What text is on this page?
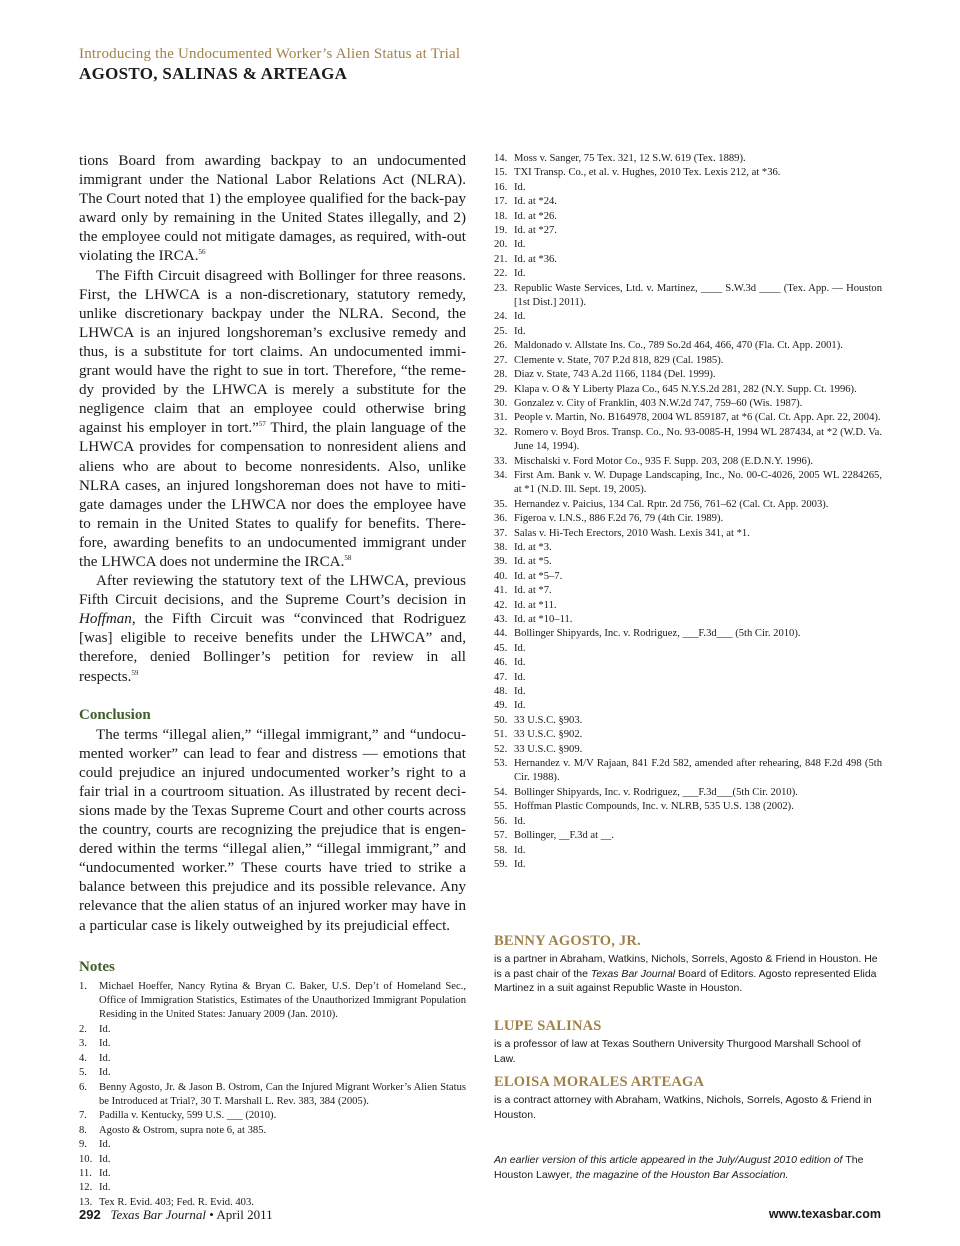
Introducing the Undocumented Worker’s Alien Status at Trial
AGOSTO, SALINAS & ARTEAGA

tions Board from awarding backpay to an undocumented immigrant under the National Labor Relations Act (NLRA). The Court noted that 1) the employee qualified for the back-pay award only by remaining in the United States illegally, and 2) the employee could not mitigate damages, as required, with-out violating the IRCA.$^{56}$

The Fifth Circuit disagreed with Bollinger for three reasons. First, the LHWCA is a non-discretionary, statutory remedy, unlike discretionary backpay under the NLRA. Second, the LHWCA is an injured longshoreman’s exclusive remedy and thus, is a substitute for tort claims. An undocumented immi-grant would have the right to sue in tort. Therefore, “the reme-dy provided by the LHWCA is merely a substitute for the negligence claim that an employee could otherwise bring against his employer in tort.”$^{57}$ Third, the plain language of the LHWCA provides for compensation to nonresident aliens and aliens who are about to become nonresidents. Also, unlike NLRA cases, an injured longshoreman does not have to miti-gate damages under the LHWCA nor does the employee have to remain in the United States to qualify for benefits. There-fore, awarding benefits to an undocumented immigrant under the LHWCA does not undermine the IRCA.$^{58}$

After reviewing the statutory text of the LHWCA, previous Fifth Circuit decisions, and the Supreme Court’s decision in Hoffman, the Fifth Circuit was “convinced that Rodriguez [was] eligible to receive benefits under the LHWCA” and, therefore, denied Bollinger’s petition for review in all respects.$^{59}$

Conclusion

The terms “illegal alien,” “illegal immigrant,” and “undocu-mented worker” can lead to fear and distress — emotions that could prejudice an injured undocumented worker’s right to a fair trial in a courtroom situation. As illustrated by recent deci-sions made by the Texas Supreme Court and other courts across the country, courts are recognizing the prejudice that is engen-dered within the terms “illegal alien,” “illegal immigrant,” and “undocumented worker.” These courts have tried to strike a balance between this prejudice and its possible relevance. Any relevance that the alien status of an injured worker may have in a particular case is likely outweighed by its prejudicial effect.

Notes
1.	Michael Hoeffer, Nancy Rytina & Bryan C. Baker, U.S. Dep’t of Homeland Sec., Office of Immigration Statistics, Estimates of the Unauthorized Immigrant Population Residing in the United States: January 2009 (Jan. 2010).
2.	Id.
3.	Id.
4.	Id.
5.	Id.
6.	Benny Agosto, Jr. & Jason B. Ostrom, Can the Injured Migrant Worker’s Alien Status be Introduced at Trial?, 30 T. Marshall L. Rev. 383, 384 (2005).
7.	Padilla v. Kentucky, 599 U.S. ___ (2010).
8.	Agosto & Ostrom, supra note 6, at 385.
9.	Id.
10. Id.
11. Id.
12. Id.
13. Tex R. Evid. 403; Fed. R. Evid. 403.
14. Moss v. Sanger, 75 Tex. 321, 12 S.W. 619 (Tex. 1889).
15. TXI Transp. Co., et al. v. Hughes, 2010 Tex. Lexis 212, at *36.
16. Id.
17. Id. at *24.
18. Id. at *26.
19. Id. at *27.
20. Id.
21. Id. at *36.
22. Id.
23. Republic Waste Services, Ltd. v. Martinez, ____ S.W.3d ____ (Tex. App. — Houston [1st Dist.] 2011).
24. Id.
25. Id.
26. Maldonado v. Allstate Ins. Co., 789 So.2d 464, 466, 470 (Fla. Ct. App. 2001).
27. Clemente v. State, 707 P.2d 818, 829 (Cal. 1985).
28. Diaz v. State, 743 A.2d 1166, 1184 (Del. 1999).
29. Klapa v. O & Y Liberty Plaza Co., 645 N.Y.S.2d 281, 282 (N.Y. Supp. Ct. 1996).
30. Gonzalez v. City of Franklin, 403 N.W.2d 747, 759–60 (Wis. 1987).
31. People v. Martin, No. B164978, 2004 WL 859187, at *6 (Cal. Ct. App. Apr. 22, 2004).
32. Romero v. Boyd Bros. Transp. Co., No. 93-0085-H, 1994 WL 287434, at *2 (W.D. Va. June 14, 1994).
33. Mischalski v. Ford Motor Co., 935 F. Supp. 203, 208 (E.D.N.Y. 1996).
34. First Am. Bank v. W. Dupage Landscaping, Inc., No. 00-C-4026, 2005 WL 2284265, at *1 (N.D. Ill. Sept. 19, 2005).
35. Hernandez v. Paicius, 134 Cal. Rptr. 2d 756, 761–62 (Cal. Ct. App. 2003).
36. Figeroa v. I.N.S., 886 F.2d 76, 79 (4th Cir. 1989).
37. Salas v. Hi-Tech Erectors, 2010 Wash. Lexis 341, at *1.
38. Id. at *3.
39. Id. at *5.
40. Id. at *5–7.
41. Id. at *7.
42. Id. at *11.
43. Id. at *10–11.
44. Bollinger Shipyards, Inc. v. Rodriguez, ___F.3d___ (5th Cir. 2010).
45. Id.
46. Id.
47. Id.
48. Id.
49. Id.
50. 33 U.S.C. §903.
51. 33 U.S.C. §902.
52. 33 U.S.C. §909.
53. Hernandez v. M/V Rajaan, 841 F.2d 582, amended after rehearing, 848 F.2d 498 (5th Cir. 1988).
54. Bollinger Shipyards, Inc. v. Rodriguez, ___F.3d___(5th Cir. 2010).
55. Hoffman Plastic Compounds, Inc. v. NLRB, 535 U.S. 138 (2002).
56. Id.
57. Bollinger, __F.3d at __.
58. Id.
59. Id.
BENNY AGOSTO, JR.
is a partner in Abraham, Watkins, Nichols, Sorrels, Agosto & Friend in Houston. He is a past chair of the Texas Bar Journal Board of Editors. Agosto represented Elida Martinez in a suit against Republic Waste in Houston.
LUPE SALINAS
is a professor of law at Texas Southern University Thurgood Marshall School of Law.
ELOISA MORALES ARTEAGA
is a contract attorney with Abraham, Watkins, Nichols, Sorrels, Agosto & Friend in Houston.
An earlier version of this article appeared in the July/August 2010 edition of The Houston Lawyer, the magazine of the Houston Bar Association.
292 Texas Bar Journal • April 2011	www.texasbar.com
